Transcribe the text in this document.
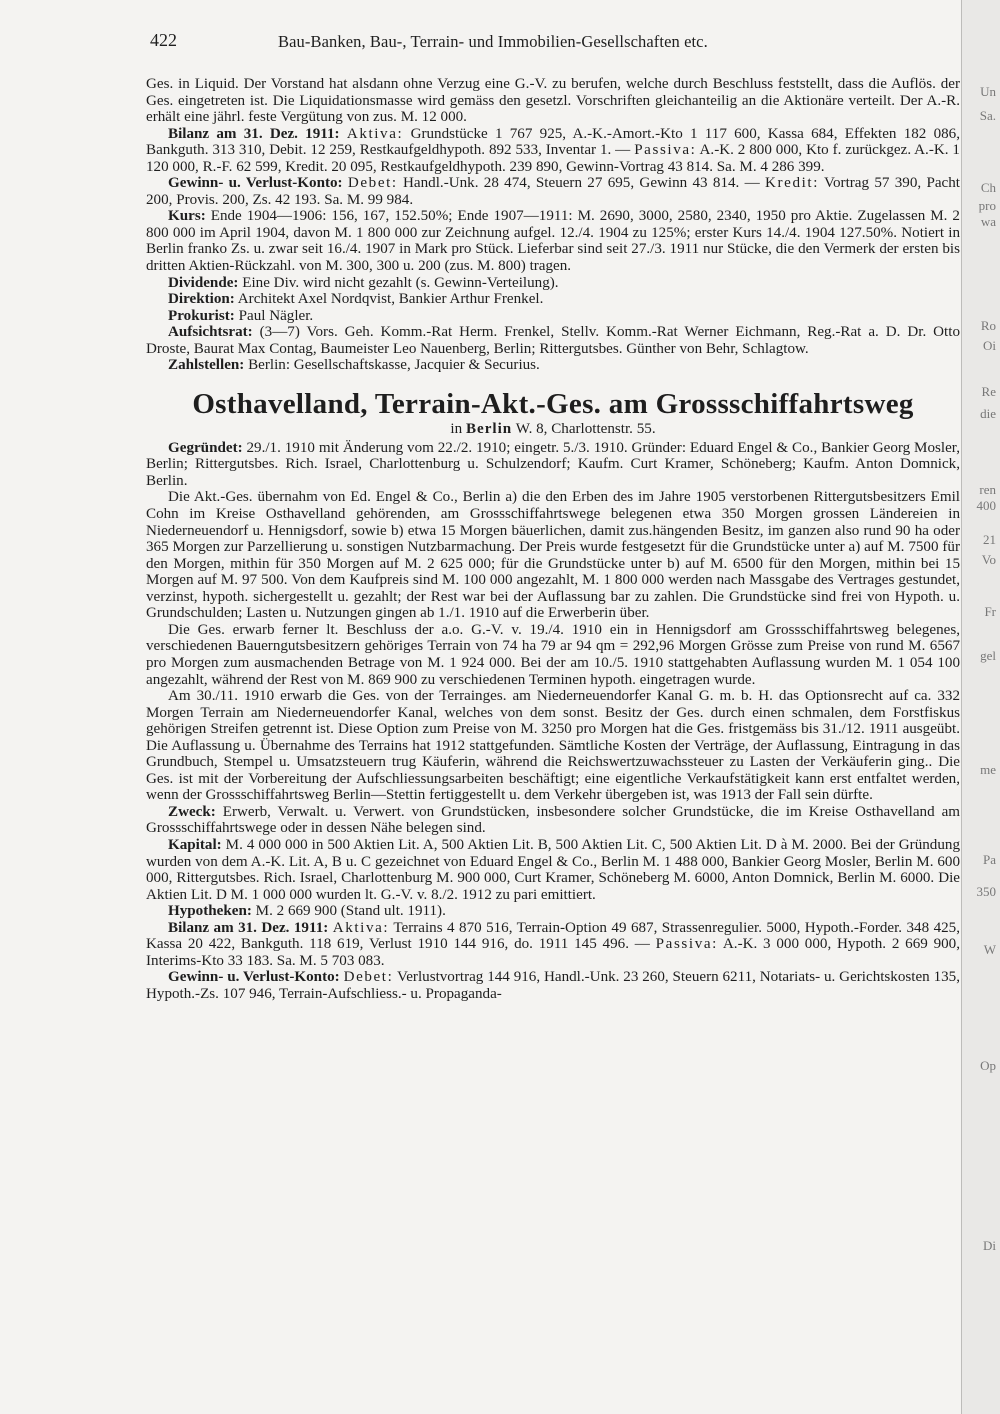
422	Bau-Banken, Bau-, Terrain- und Immobilien-Gesellschaften etc.

Ges. in Liquid. Der Vorstand hat alsdann ohne Verzug eine G.-V. zu berufen, welche durch Beschluss feststellt, dass die Auflös. der Ges. eingetreten ist. Die Liquidationsmasse wird gemäss den gesetzl. Vorschriften gleichanteilig an die Aktionäre verteilt. Der A.-R. erhält eine jährl. feste Vergütung von zus. M. 12 000.

Bilanz am 31. Dez. 1911: Aktiva: Grundstücke 1 767 925, A.-K.-Amort.-Kto 1 117 600, Kassa 684, Effekten 182 086, Bankguth. 313 310, Debit. 12 259, Restkaufgeldhypoth. 892 533, Inventar 1. — Passiva: A.-K. 2 800 000, Kto f. zurückgez. A.-K. 1 120 000, R.-F. 62 599, Kredit. 20 095, Restkaufgeldhypoth. 239 890, Gewinn-Vortrag 43 814. Sa. M. 4 286 399.

Gewinn- u. Verlust-Konto: Debet: Handl.-Unk. 28 474, Steuern 27 695, Gewinn 43 814. — Kredit: Vortrag 57 390, Pacht 200, Provis. 200, Zs. 42 193. Sa. M. 99 984.

Kurs: Ende 1904—1906: 156, 167, 152.50%; Ende 1907—1911: M. 2690, 3000, 2580, 2340, 1950 pro Aktie. Zugelassen M. 2 800 000 im April 1904, davon M. 1 800 000 zur Zeichnung aufgel. 12./4. 1904 zu 125%; erster Kurs 14./4. 1904 127.50%. Notiert in Berlin franko Zs. u. zwar seit 16./4. 1907 in Mark pro Stück. Lieferbar sind seit 27./3. 1911 nur Stücke, die den Vermerk der ersten bis dritten Aktien-Rückzahl. von M. 300, 300 u. 200 (zus. M. 800) tragen.

Dividende: Eine Div. wird nicht gezahlt (s. Gewinn-Verteilung).

Direktion: Architekt Axel Nordqvist, Bankier Arthur Frenkel.

Prokurist: Paul Nägler.

Aufsichtsrat: (3—7) Vors. Geh. Komm.-Rat Herm. Frenkel, Stellv. Komm.-Rat Werner Eichmann, Reg.-Rat a. D. Dr. Otto Droste, Baurat Max Contag, Baumeister Leo Nauenberg, Berlin; Rittergutsbes. Günther von Behr, Schlagtow.

Zahlstellen: Berlin: Gesellschaftskasse, Jacquier & Securius.

Osthavelland, Terrain-Akt.-Ges. am Grossschiffahrtsweg
in Berlin W. 8, Charlottenstr. 55.

Gegründet: 29./1. 1910 mit Änderung vom 22./2. 1910; eingetr. 5./3. 1910. Gründer: Eduard Engel & Co., Bankier Georg Mosler, Berlin; Rittergutsbes. Rich. Israel, Charlottenburg u. Schulzendorf; Kaufm. Curt Kramer, Schöneberg; Kaufm. Anton Domnick, Berlin.

Die Akt.-Ges. übernahm von Ed. Engel & Co., Berlin a) die den Erben des im Jahre 1905 verstorbenen Rittergutsbesitzers Emil Cohn im Kreise Osthavelland gehörenden, am Grossschiffahrtswege belegenen etwa 350 Morgen grossen Ländereien in Niederneuendorf u. Hennigsdorf, sowie b) etwa 15 Morgen bäuerlichen, damit zus.hängenden Besitz, im ganzen also rund 90 ha oder 365 Morgen zur Parzellierung u. sonstigen Nutzbarmachung. Der Preis wurde festgesetzt für die Grundstücke unter a) auf M. 7500 für den Morgen, mithin für 350 Morgen auf M. 2 625 000; für die Grundstücke unter b) auf M. 6500 für den Morgen, mithin bei 15 Morgen auf M. 97 500. Von dem Kaufpreis sind M. 100 000 angezahlt, M. 1 800 000 werden nach Massgabe des Vertrages gestundet, verzinst, hypoth. sichergestellt u. gezahlt; der Rest war bei der Auflassung bar zu zahlen. Die Grundstücke sind frei von Hypoth. u. Grundschulden; Lasten u. Nutzungen gingen ab 1./1. 1910 auf die Erwerberin über.

Die Ges. erwarb ferner lt. Beschluss der a.o. G.-V. v. 19./4. 1910 ein in Hennigsdorf am Grossschiffahrtsweg belegenes, verschiedenen Bauerngutsbesitzern gehöriges Terrain von 74 ha 79 ar 94 qm = 292,96 Morgen Grösse zum Preise von rund M. 6567 pro Morgen zum ausmachenden Betrage von M. 1 924 000. Bei der am 10./5. 1910 stattgehabten Auflassung wurden M. 1 054 100 angezahlt, während der Rest von M. 869 900 zu verschiedenen Terminen hypoth. eingetragen wurde.

Am 30./11. 1910 erwarb die Ges. von der Terrainges. am Niederneuendorfer Kanal G. m. b. H. das Optionsrecht auf ca. 332 Morgen Terrain am Niederneuendorfer Kanal, welches von dem sonst. Besitz der Ges. durch einen schmalen, dem Forstfiskus gehörigen Streifen getrennt ist. Diese Option zum Preise von M. 3250 pro Morgen hat die Ges. fristgemäss bis 31./12. 1911 ausgeübt. Die Auflassung u. Übernahme des Terrains hat 1912 stattgefunden. Sämtliche Kosten der Verträge, der Auflassung, Eintragung in das Grundbuch, Stempel u. Umsatzsteuern trug Käuferin, während die Reichswertzuwachssteuer zu Lasten der Verkäuferin ging.. Die Ges. ist mit der Vorbereitung der Aufschliessungsarbeiten beschäftigt; eine eigentliche Verkaufstätigkeit kann erst entfaltet werden, wenn der Grossschiffahrtsweg Berlin—Stettin fertiggestellt u. dem Verkehr übergeben ist, was 1913 der Fall sein dürfte.

Zweck: Erwerb, Verwalt. u. Verwert. von Grundstücken, insbesondere solcher Grundstücke, die im Kreise Osthavelland am Grossschiffahrtswege oder in dessen Nähe belegen sind.

Kapital: M. 4 000 000 in 500 Aktien Lit. A, 500 Aktien Lit. B, 500 Aktien Lit. C, 500 Aktien Lit. D à M. 2000. Bei der Gründung wurden von dem A.-K. Lit. A, B u. C gezeichnet von Eduard Engel & Co., Berlin M. 1 488 000, Bankier Georg Mosler, Berlin M. 600 000, Rittergutsbes. Rich. Israel, Charlottenburg M. 900 000, Curt Kramer, Schöneberg M. 6000, Anton Domnick, Berlin M. 6000. Die Aktien Lit. D M. 1 000 000 wurden lt. G.-V. v. 8./2. 1912 zu pari emittiert.

Hypotheken: M. 2 669 900 (Stand ult. 1911).

Bilanz am 31. Dez. 1911: Aktiva: Terrains 4 870 516, Terrain-Option 49 687, Strassenregulier. 5000, Hypoth.-Forder. 348 425, Kassa 20 422, Bankguth. 118 619, Verlust 1910 144 916, do. 1911 145 496. — Passiva: A.-K. 3 000 000, Hypoth. 2 669 900, Interims-Kto 33 183. Sa. M. 5 703 083.

Gewinn- u. Verlust-Konto: Debet: Verlustvortrag 144 916, Handl.-Unk. 23 260, Steuern 6211, Notariats- u. Gerichtskosten 135, Hypoth.-Zs. 107 946, Terrain-Aufschliess.- u. Propaganda-

Un
Sa.
Ch
pro
wa
Ro
Oi
Re
die
ren
400
21
Vo
Fr
gel
me
Pa
350
W
Op
Di
